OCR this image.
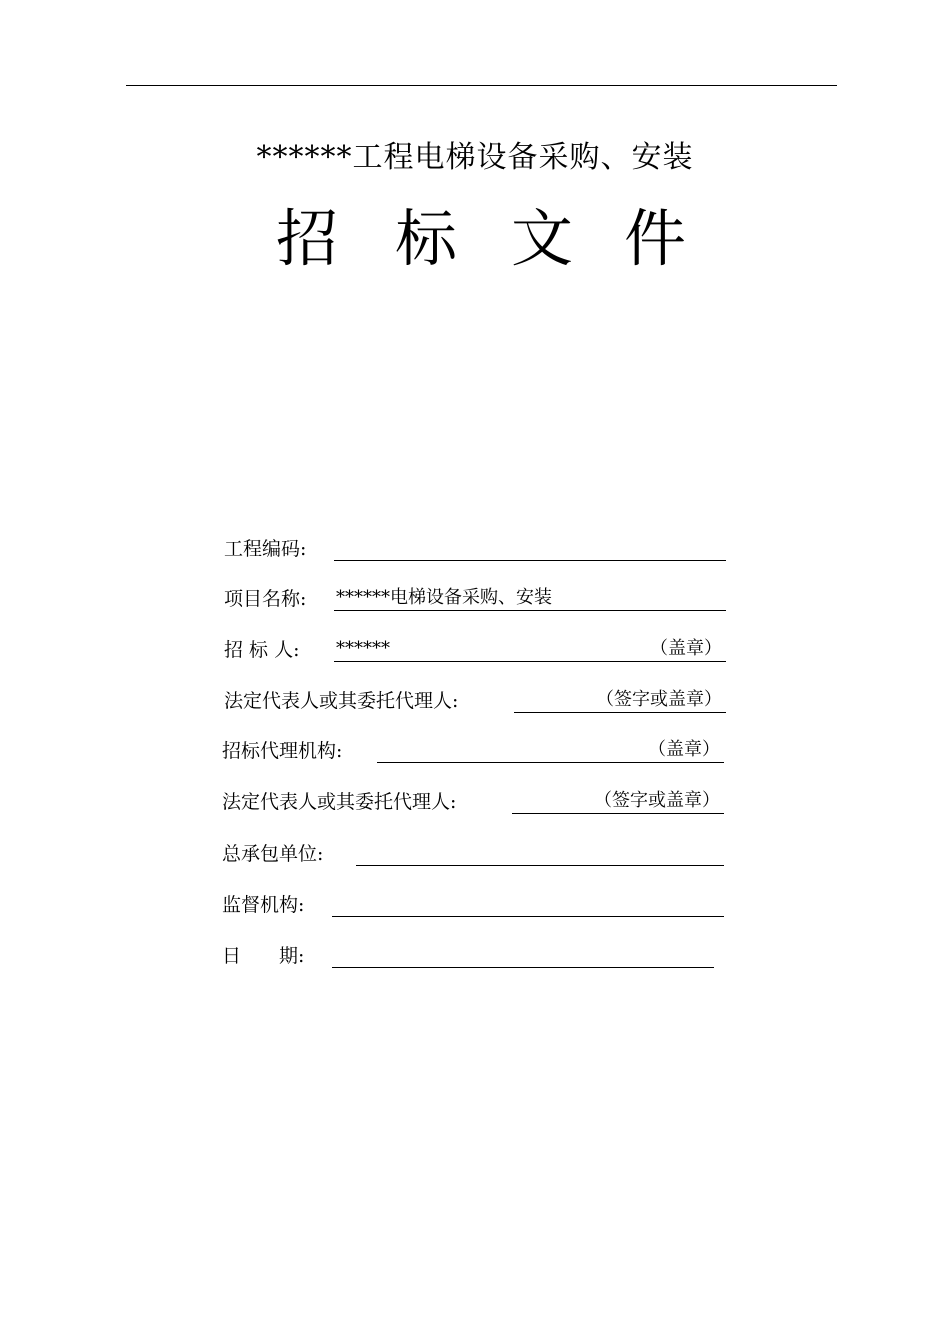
******工程电梯设备采购、安装
招 标 文 件
工程编码:
项目名称: ******电梯设备采购、安装
招 标 人: ******	（盖章）
法定代表人或其委托代理人:	（签字或盖章）
招标代理机构:	（盖章）
法定代表人或其委托代理人:	（签字或盖章）
总承包单位:
监督机构:
日　　期:
